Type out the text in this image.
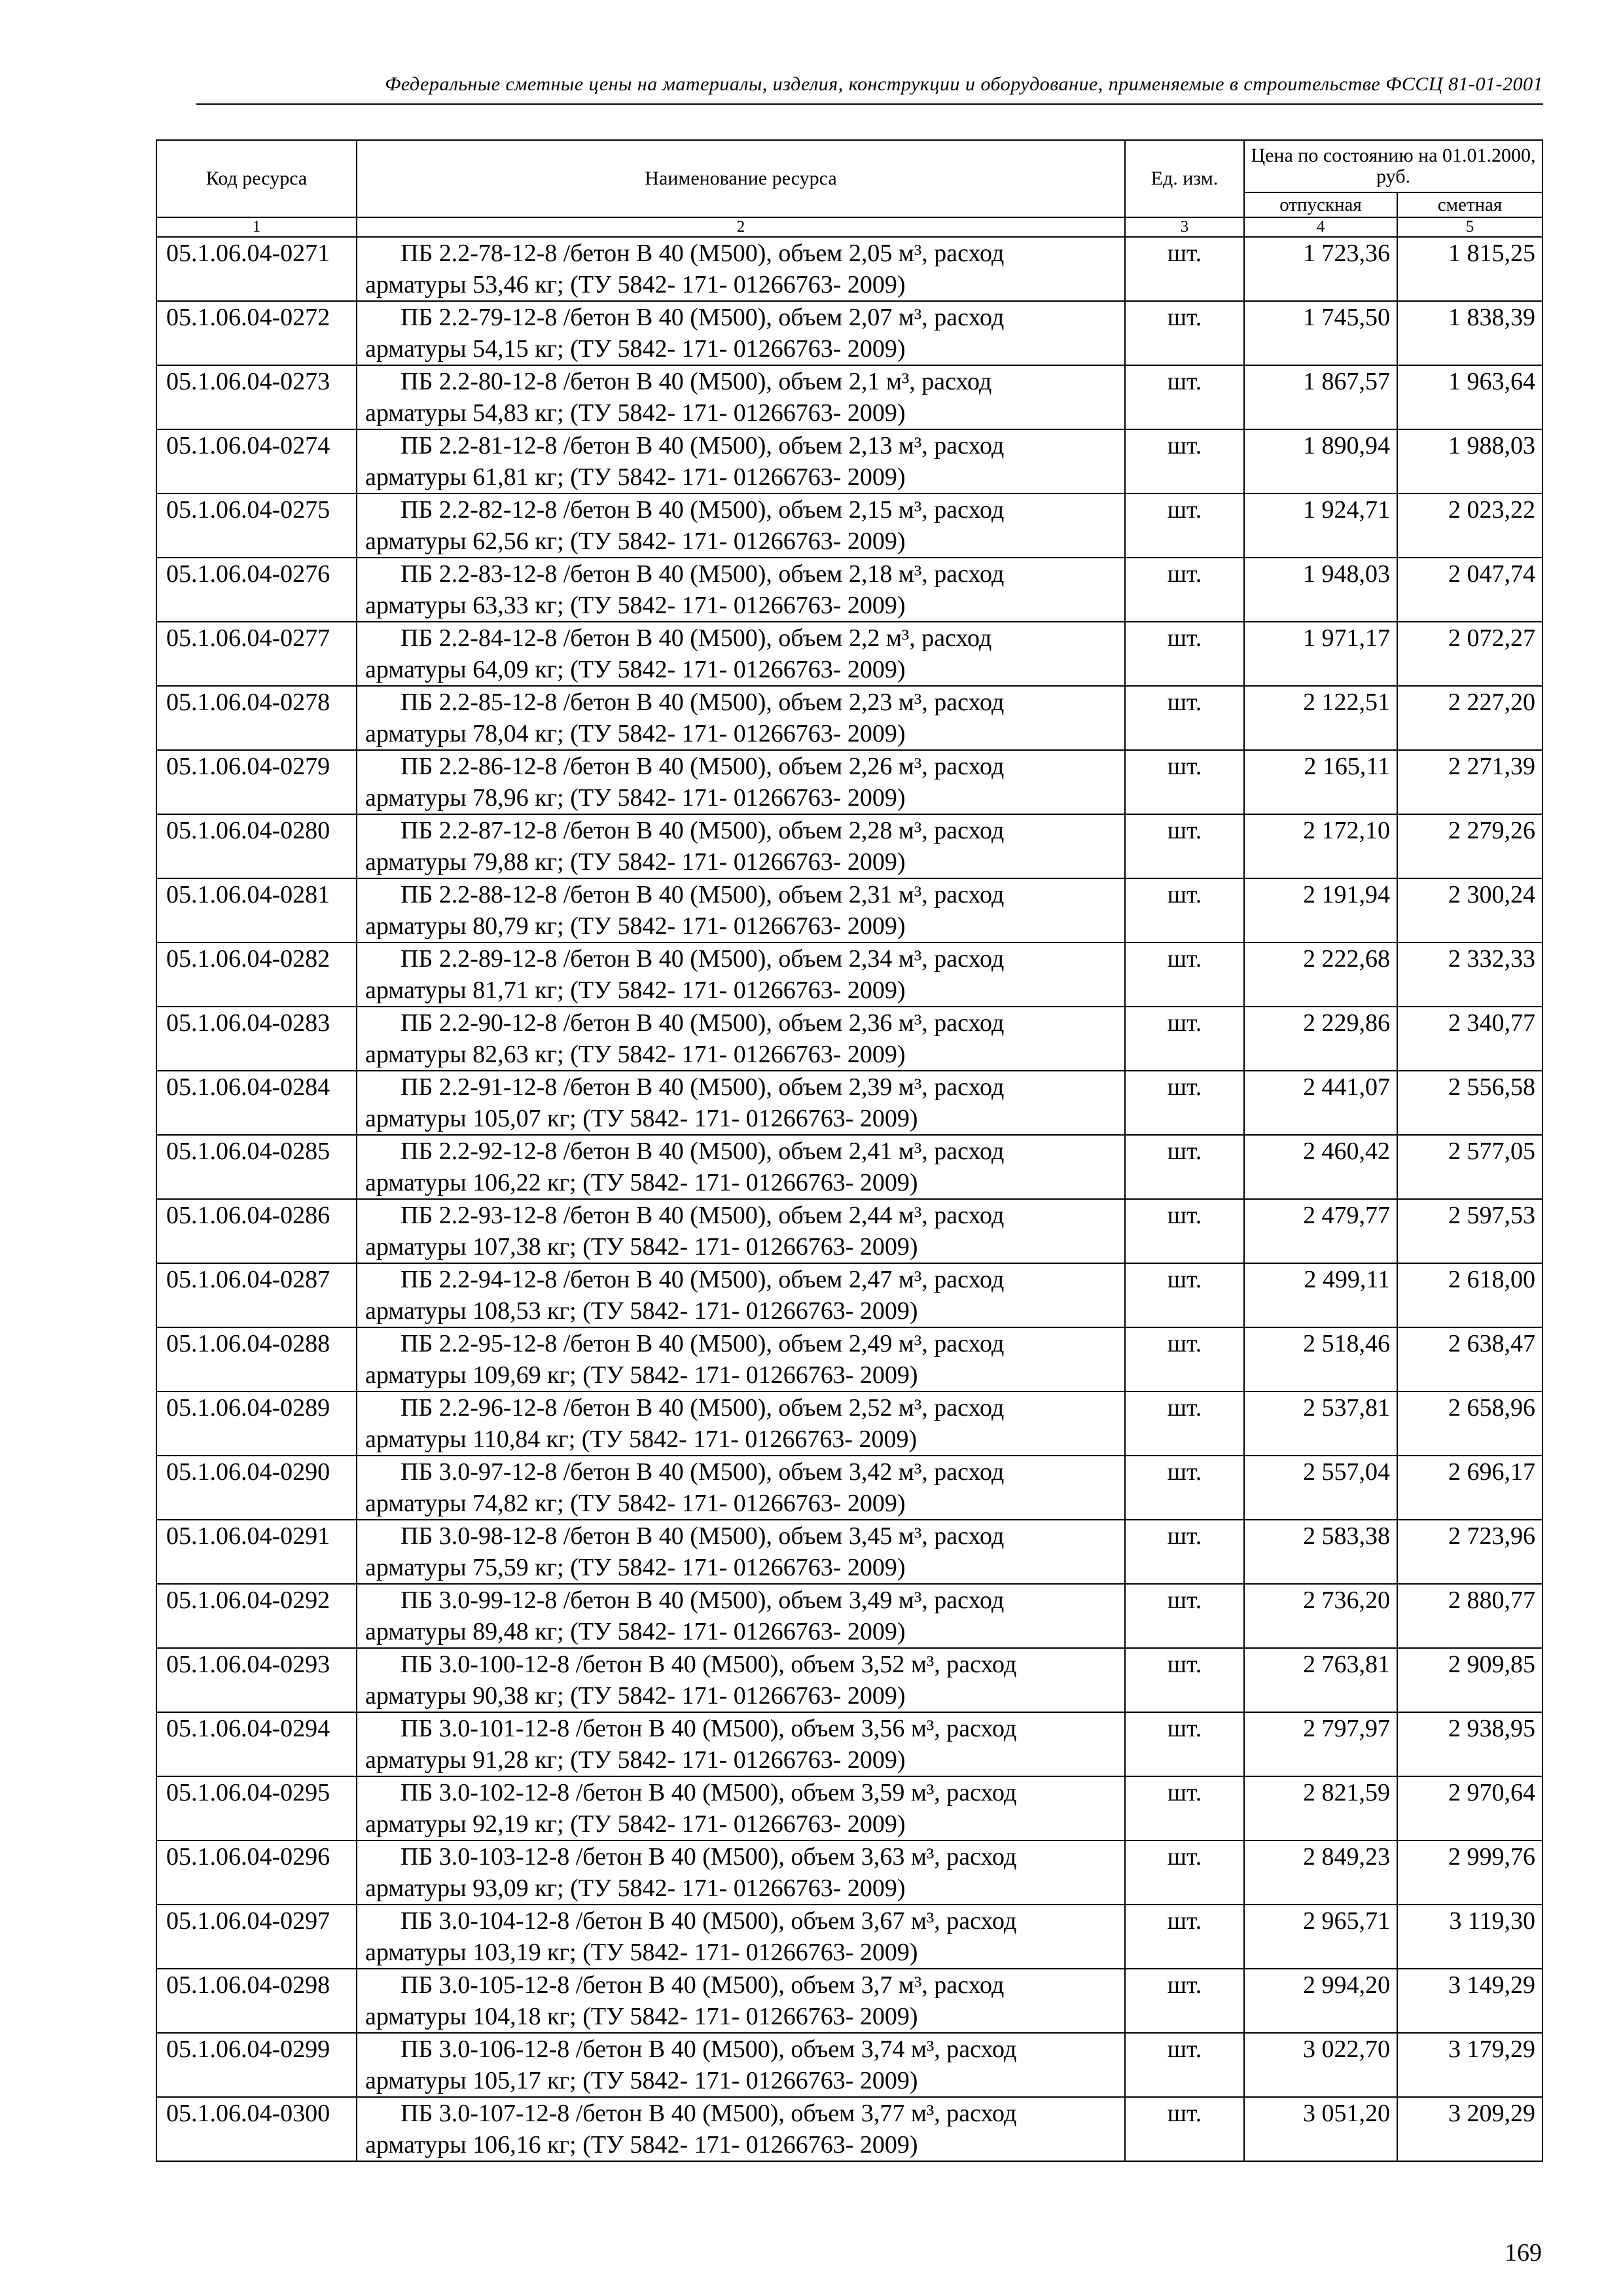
Федеральные сметные цены на материалы, изделия, конструкции и оборудование, применяемые в строительстве ФССЦ 81-01-2001
Код ресурса	Наименование ресурса	Ед. изм.	Цена по состоянию на 01.01.2000, руб.	
			отпускная	сметная
1	2	3	4	5
05.1.06.04-0271	ПБ 2.2-78-12-8 /бетон В 40 (М500), объем 2,05 м³, расход
арматуры 53,46 кг; (ТУ 5842- 171- 01266763- 2009)	шт.	1 723,36	1 815,25
05.1.06.04-0272	ПБ 2.2-79-12-8 /бетон В 40 (М500), объем 2,07 м³, расход
арматуры 54,15 кг; (ТУ 5842- 171- 01266763- 2009)	шт.	1 745,50	1 838,39
05.1.06.04-0273	ПБ 2.2-80-12-8 /бетон В 40 (М500), объем 2,1 м³, расход
арматуры 54,83 кг; (ТУ 5842- 171- 01266763- 2009)	шт.	1 867,57	1 963,64
05.1.06.04-0274	ПБ 2.2-81-12-8 /бетон В 40 (М500), объем 2,13 м³, расход
арматуры 61,81 кг; (ТУ 5842- 171- 01266763- 2009)	шт.	1 890,94	1 988,03
05.1.06.04-0275	ПБ 2.2-82-12-8 /бетон В 40 (М500), объем 2,15 м³, расход
арматуры 62,56 кг; (ТУ 5842- 171- 01266763- 2009)	шт.	1 924,71	2 023,22
05.1.06.04-0276	ПБ 2.2-83-12-8 /бетон В 40 (М500), объем 2,18 м³, расход
арматуры 63,33 кг; (ТУ 5842- 171- 01266763- 2009)	шт.	1 948,03	2 047,74
05.1.06.04-0277	ПБ 2.2-84-12-8 /бетон В 40 (М500), объем 2,2 м³, расход
арматуры 64,09 кг; (ТУ 5842- 171- 01266763- 2009)	шт.	1 971,17	2 072,27
05.1.06.04-0278	ПБ 2.2-85-12-8 /бетон В 40 (М500), объем 2,23 м³, расход
арматуры 78,04 кг; (ТУ 5842- 171- 01266763- 2009)	шт.	2 122,51	2 227,20
05.1.06.04-0279	ПБ 2.2-86-12-8 /бетон В 40 (М500), объем 2,26 м³, расход
арматуры 78,96 кг; (ТУ 5842- 171- 01266763- 2009)	шт.	2 165,11	2 271,39
05.1.06.04-0280	ПБ 2.2-87-12-8 /бетон В 40 (М500), объем 2,28 м³, расход
арматуры 79,88 кг; (ТУ 5842- 171- 01266763- 2009)	шт.	2 172,10	2 279,26
05.1.06.04-0281	ПБ 2.2-88-12-8 /бетон В 40 (М500), объем 2,31 м³, расход
арматуры 80,79 кг; (ТУ 5842- 171- 01266763- 2009)	шт.	2 191,94	2 300,24
05.1.06.04-0282	ПБ 2.2-89-12-8 /бетон В 40 (М500), объем 2,34 м³, расход
арматуры 81,71 кг; (ТУ 5842- 171- 01266763- 2009)	шт.	2 222,68	2 332,33
05.1.06.04-0283	ПБ 2.2-90-12-8 /бетон В 40 (М500), объем 2,36 м³, расход
арматуры 82,63 кг; (ТУ 5842- 171- 01266763- 2009)	шт.	2 229,86	2 340,77
05.1.06.04-0284	ПБ 2.2-91-12-8 /бетон В 40 (М500), объем 2,39 м³, расход
арматуры 105,07 кг; (ТУ 5842- 171- 01266763- 2009)	шт.	2 441,07	2 556,58
05.1.06.04-0285	ПБ 2.2-92-12-8 /бетон В 40 (М500), объем 2,41 м³, расход
арматуры 106,22 кг; (ТУ 5842- 171- 01266763- 2009)	шт.	2 460,42	2 577,05
05.1.06.04-0286	ПБ 2.2-93-12-8 /бетон В 40 (М500), объем 2,44 м³, расход
арматуры 107,38 кг; (ТУ 5842- 171- 01266763- 2009)	шт.	2 479,77	2 597,53
05.1.06.04-0287	ПБ 2.2-94-12-8 /бетон В 40 (М500), объем 2,47 м³, расход
арматуры 108,53 кг; (ТУ 5842- 171- 01266763- 2009)	шт.	2 499,11	2 618,00
05.1.06.04-0288	ПБ 2.2-95-12-8 /бетон В 40 (М500), объем 2,49 м³, расход
арматуры 109,69 кг; (ТУ 5842- 171- 01266763- 2009)	шт.	2 518,46	2 638,47
05.1.06.04-0289	ПБ 2.2-96-12-8 /бетон В 40 (М500), объем 2,52 м³, расход
арматуры 110,84 кг; (ТУ 5842- 171- 01266763- 2009)	шт.	2 537,81	2 658,96
05.1.06.04-0290	ПБ 3.0-97-12-8 /бетон В 40 (М500), объем 3,42 м³, расход
арматуры 74,82 кг; (ТУ 5842- 171- 01266763- 2009)	шт.	2 557,04	2 696,17
05.1.06.04-0291	ПБ 3.0-98-12-8 /бетон В 40 (М500), объем 3,45 м³, расход
арматуры 75,59 кг; (ТУ 5842- 171- 01266763- 2009)	шт.	2 583,38	2 723,96
05.1.06.04-0292	ПБ 3.0-99-12-8 /бетон В 40 (М500), объем 3,49 м³, расход
арматуры 89,48 кг; (ТУ 5842- 171- 01266763- 2009)	шт.	2 736,20	2 880,77
05.1.06.04-0293	ПБ 3.0-100-12-8 /бетон В 40 (М500), объем 3,52 м³, расход
арматуры 90,38 кг; (ТУ 5842- 171- 01266763- 2009)	шт.	2 763,81	2 909,85
05.1.06.04-0294	ПБ 3.0-101-12-8 /бетон В 40 (М500), объем 3,56 м³, расход
арматуры 91,28 кг; (ТУ 5842- 171- 01266763- 2009)	шт.	2 797,97	2 938,95
05.1.06.04-0295	ПБ 3.0-102-12-8 /бетон В 40 (М500), объем 3,59 м³, расход
арматуры 92,19 кг; (ТУ 5842- 171- 01266763- 2009)	шт.	2 821,59	2 970,64
05.1.06.04-0296	ПБ 3.0-103-12-8 /бетон В 40 (М500), объем 3,63 м³, расход
арматуры 93,09 кг; (ТУ 5842- 171- 01266763- 2009)	шт.	2 849,23	2 999,76
05.1.06.04-0297	ПБ 3.0-104-12-8 /бетон В 40 (М500), объем 3,67 м³, расход
арматуры 103,19 кг; (ТУ 5842- 171- 01266763- 2009)	шт.	2 965,71	3 119,30
05.1.06.04-0298	ПБ 3.0-105-12-8 /бетон В 40 (М500), объем 3,7 м³, расход
арматуры 104,18 кг; (ТУ 5842- 171- 01266763- 2009)	шт.	2 994,20	3 149,29
05.1.06.04-0299	ПБ 3.0-106-12-8 /бетон В 40 (М500), объем 3,74 м³, расход
арматуры 105,17 кг; (ТУ 5842- 171- 01266763- 2009)	шт.	3 022,70	3 179,29
05.1.06.04-0300	ПБ 3.0-107-12-8 /бетон В 40 (М500), объем 3,77 м³, расход
арматуры 106,16 кг; (ТУ 5842- 171- 01266763- 2009)	шт.	3 051,20	3 209,29
169
